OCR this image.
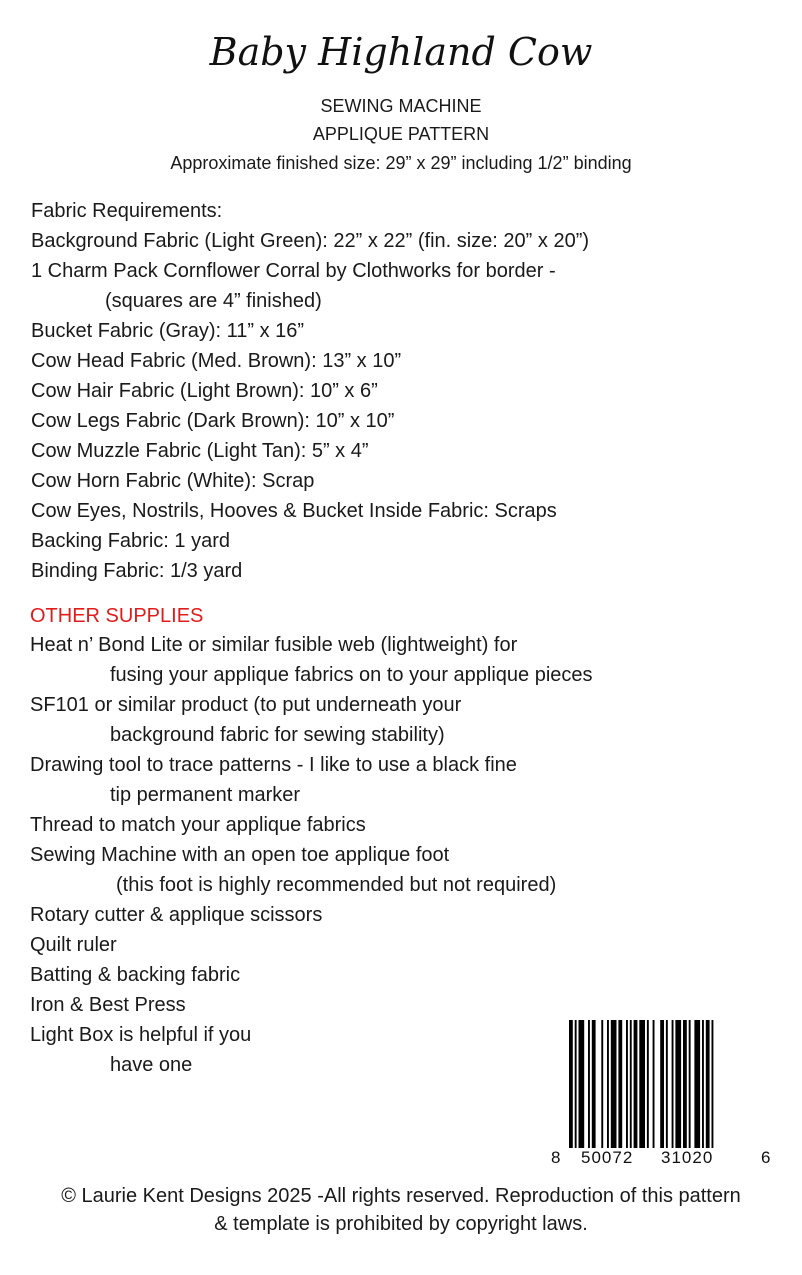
Baby Highland Cow
SEWING MACHINE
APPLIQUE PATTERN
Approximate finished size: 29” x 29” including 1/2” binding
Fabric Requirements:
Background Fabric (Light Green): 22” x 22” (fin. size: 20” x 20”)
1 Charm Pack Cornflower Corral by Clothworks for border -
(squares are 4” finished)
Bucket Fabric (Gray): 11” x 16”
Cow Head Fabric (Med. Brown): 13” x 10”
Cow Hair Fabric (Light Brown): 10” x 6”
Cow Legs Fabric (Dark Brown): 10” x 10”
Cow Muzzle Fabric (Light Tan): 5” x 4”
Cow Horn Fabric (White): Scrap
Cow Eyes, Nostrils, Hooves & Bucket Inside Fabric: Scraps
Backing Fabric: 1 yard
Binding Fabric: 1/3 yard
OTHER SUPPLIES
Heat n’ Bond Lite or similar fusible web (lightweight) for
fusing your applique fabrics on to your applique pieces
SF101 or similar product (to put underneath your
background fabric for sewing stability)
Drawing tool to trace patterns - I like to use a black fine
tip permanent marker
Thread to match your applique fabrics
Sewing Machine with an open toe applique foot
(this foot is highly recommended but not required)
Rotary cutter & applique scissors
Quilt ruler
Batting & backing fabric
Iron & Best Press
Light Box is helpful if you
have one
8 50072 31020	6
© Laurie Kent Designs 2025 -All rights reserved. Reproduction of this pattern
& template is prohibited by copyright laws.
